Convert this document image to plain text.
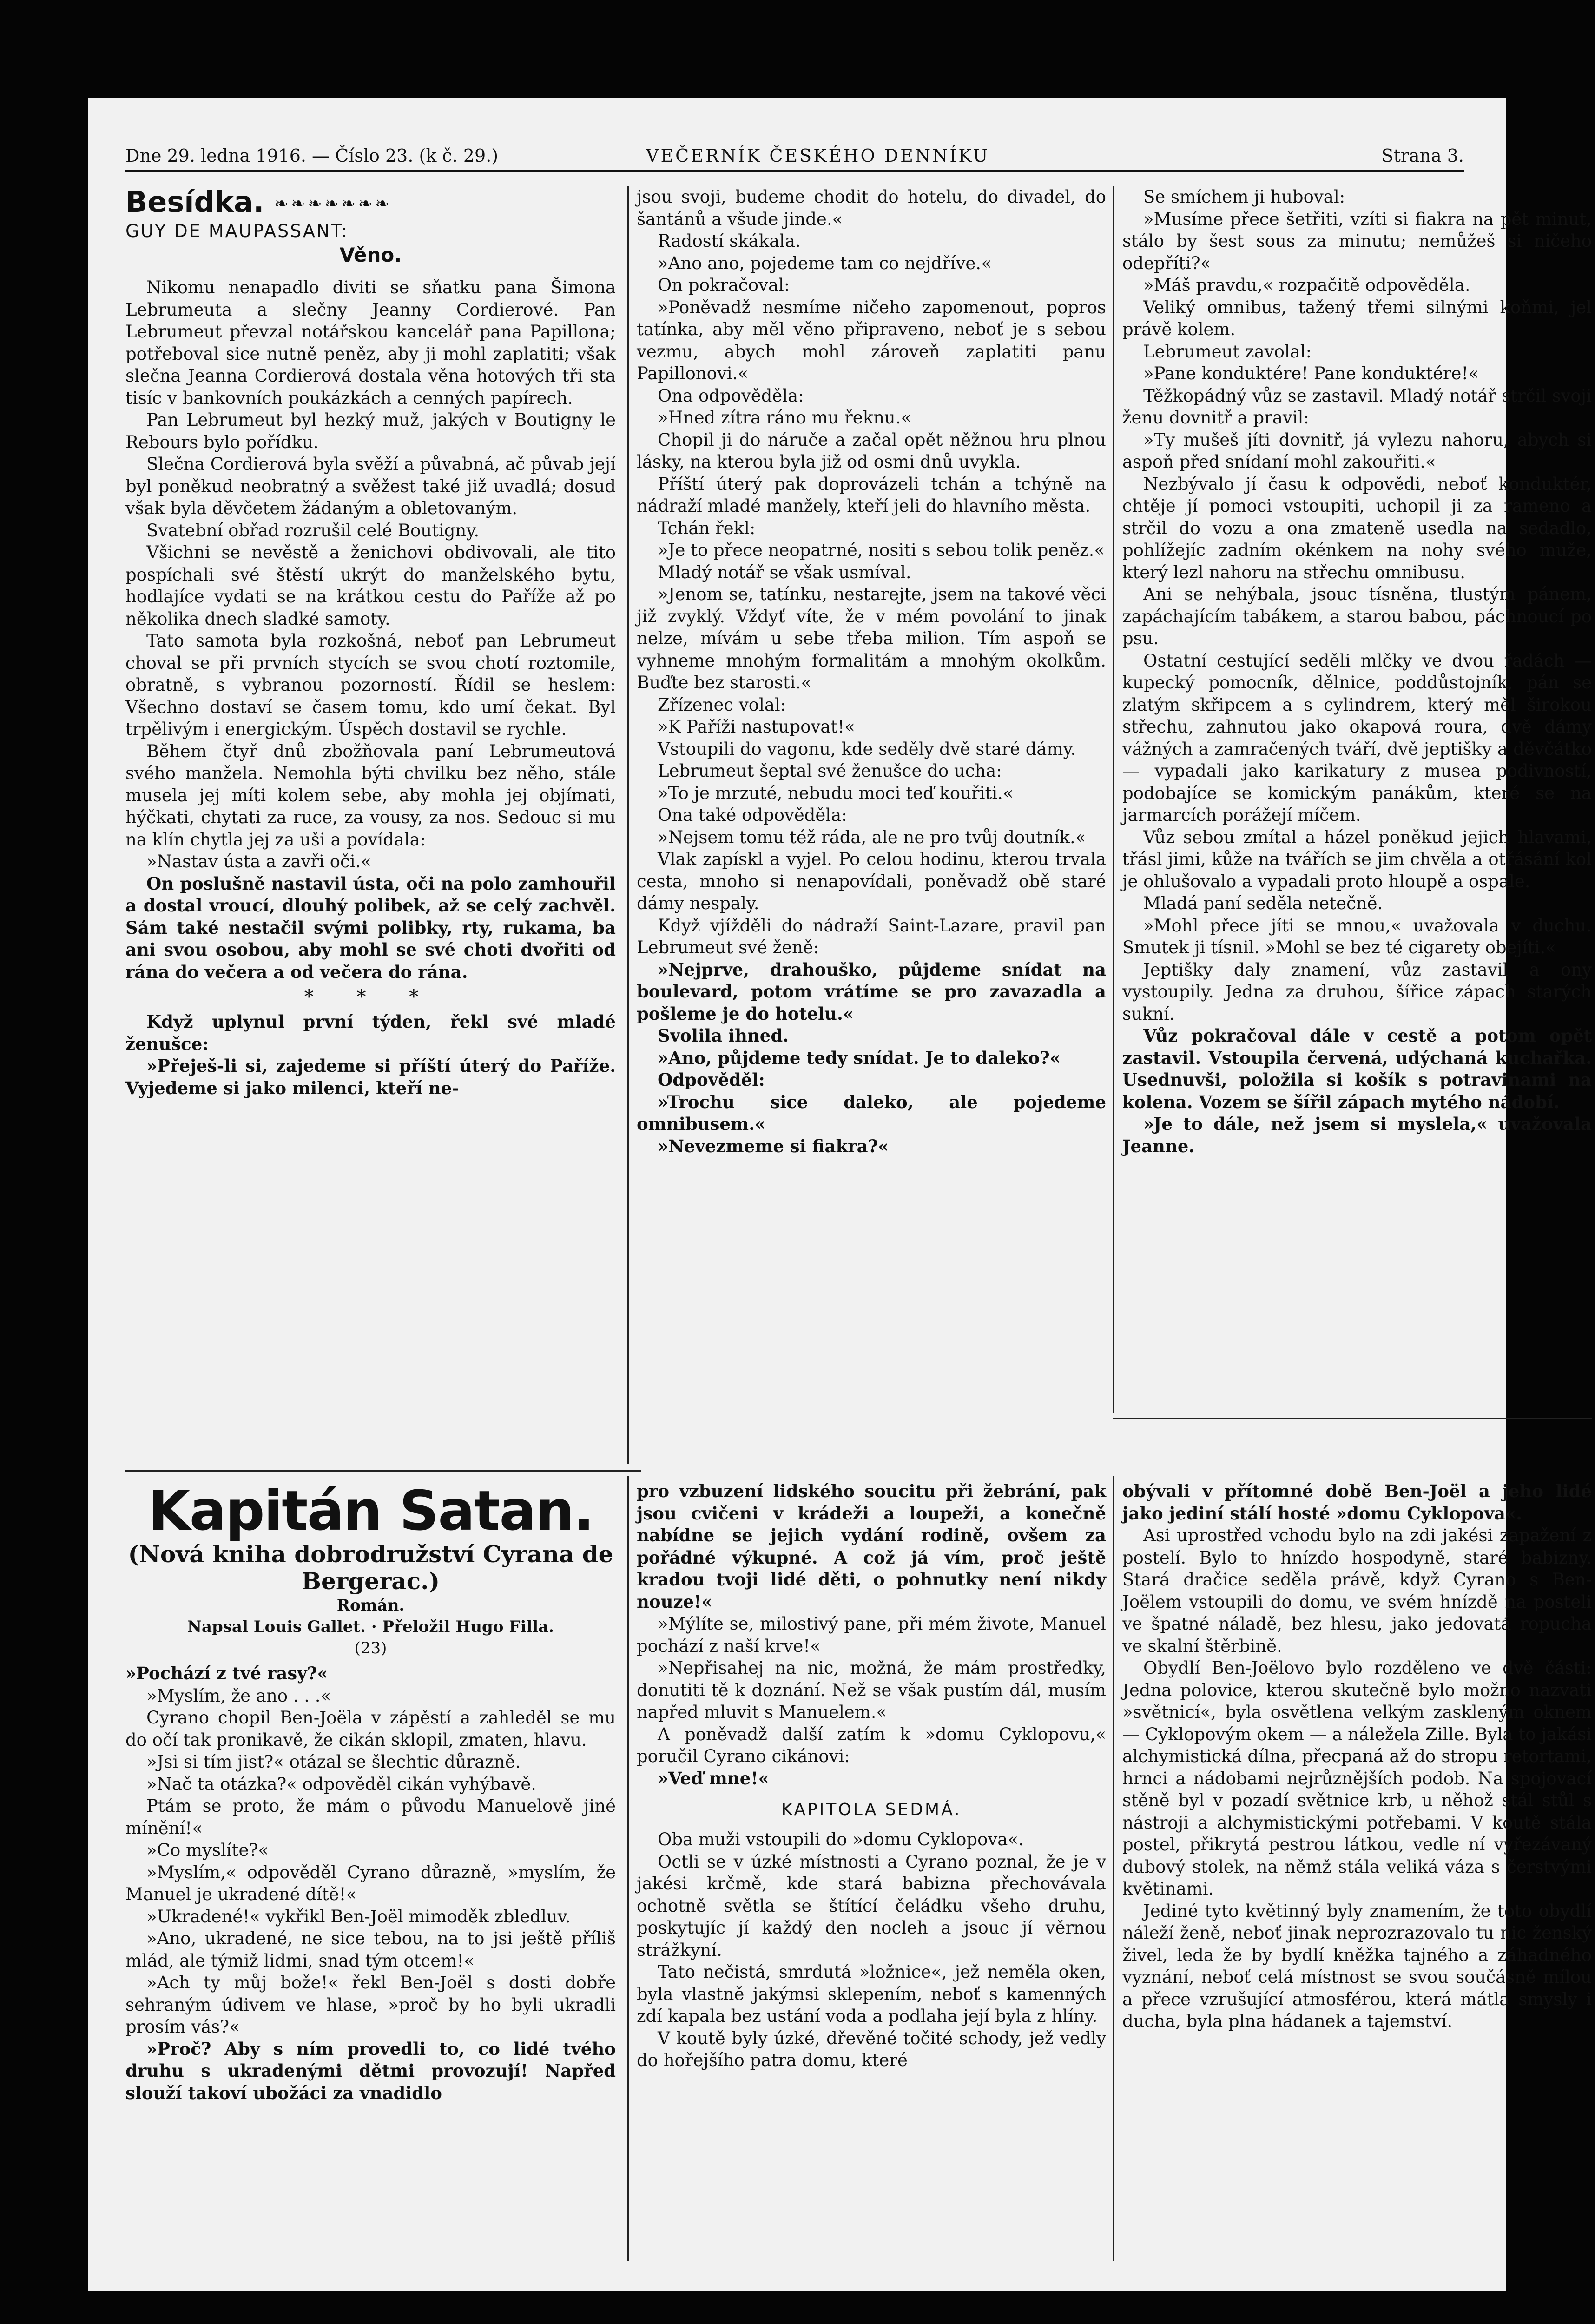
Dne 29. ledna 1916. — Číslo 23. (k č. 29.)	VEČERNÍK ČESKÉHO DENNÍKU	Strana 3.
Besídka. ❧❧❧❧❧❧❧
GUY DE MAUPASSANT:
Věno.

Nikomu nenapadlo diviti se sňatku pana Šimona Lebrumeuta a slečny Jeanny Cordierové. Pan Lebrumeut převzal notářskou kancelář pana Papillona; potřeboval sice nutně peněz, aby ji mohl zaplatiti; však slečna Jeanna Cordierová dostala věna hotových tři sta tisíc v bankovních poukázkách a cenných papírech.

Pan Lebrumeut byl hezký muž, jakých v Boutigny le Rebours bylo pořídku.

Slečna Cordierová byla svěží a půvabná, ač půvab její byl poněkud neobratný a svěžest také již uvadlá; dosud však byla děvčetem žádaným a obletovaným.

Svatební obřad rozrušil celé Boutigny.

Všichni se nevěstě a ženichovi obdivovali, ale tito pospíchali své štěstí ukrýt do manželského bytu, hodlajíce vydati se na krátkou cestu do Paříže až po několika dnech sladké samoty.

Tato samota byla rozkošná, neboť pan Lebrumeut choval se při prvních stycích se svou chotí roztomile, obratně, s vybranou pozorností. Řídil se heslem: Všechno dostaví se časem tomu, kdo umí čekat. Byl trpělivým i energickým. Úspěch dostavil se rychle.

Během čtyř dnů zbožňovala paní Lebrumeutová svého manžela. Nemohla býti chvilku bez něho, stále musela jej míti kolem sebe, aby mohla jej objímati, hýčkati, chytati za ruce, za vousy, za nos. Sedouc si mu na klín chytla jej za uši a povídala:

»Nastav ústa a zavři oči.«

On poslušně nastavil ústa, oči na polo zamhouřil a dostal vroucí, dlouhý polibek, až se celý zachvěl. Sám také nestačil svými polibky, rty, rukama, ba ani svou osobou, aby mohl se své choti dvořiti od rána do večera a od večera do rána.

* * *

Když uplynul první týden, řekl své mladé ženušce:

»Přeješ-li si, zajedeme si příští úterý do Paříže. Vyjedeme si jako milenci, kteří ne-

jsou svoji, budeme chodit do hotelu, do divadel, do šantánů a všude jinde.«

Radostí skákala.

»Ano ano, pojedeme tam co nejdříve.«

On pokračoval:

»Poněvadž nesmíme ničeho zapomenout, popros tatínka, aby měl věno připraveno, neboť je s sebou vezmu, abych mohl zároveň zaplatiti panu Papillonovi.«

Ona odpověděla:

»Hned zítra ráno mu řeknu.«

Chopil ji do náruče a začal opět něžnou hru plnou lásky, na kterou byla již od osmi dnů uvykla.

Příští úterý pak doprovázeli tchán a tchýně na nádraží mladé manžely, kteří jeli do hlavního města.

Tchán řekl:

»Je to přece neopatrné, nositi s sebou tolik peněz.«

Mladý notář se však usmíval.

»Jenom se, tatínku, nestarejte, jsem na takové věci již zvyklý. Vždyť víte, že v mém povolání to jinak nelze, mívám u sebe třeba milion. Tím aspoň se vyhneme mnohým formalitám a mnohým okolkům. Buďte bez starosti.«

Zřízenec volal:

»K Paříži nastupovat!«

Vstoupili do vagonu, kde seděly dvě staré dámy.

Lebrumeut šeptal své ženušce do ucha:

»To je mrzuté, nebudu moci teď kouřiti.«

Ona také odpověděla:

»Nejsem tomu též ráda, ale ne pro tvůj doutník.«

Vlak zapískl a vyjel. Po celou hodinu, kterou trvala cesta, mnoho si nenapovídali, poněvadž obě staré dámy nespaly.

Když vjížděli do nádraží Saint-Lazare, pravil pan Lebrumeut své ženě:

»Nejprve, drahouško, půjdeme snídat na boulevard, potom vrátíme se pro zavazadla a pošleme je do hotelu.«

Svolila ihned.

»Ano, půjdeme tedy snídat. Je to daleko?«

Odpověděl:

»Trochu sice daleko, ale pojedeme omnibusem.«

»Nevezmeme si fiakra?«

Se smíchem ji huboval:

»Musíme přece šetřiti, vzíti si fiakra na pět minut, stálo by šest sous za minutu; nemůžeš si ničeho odepříti?«

»Máš pravdu,« rozpačitě odpověděla.

Veliký omnibus, tažený třemi silnými koňmi, jel právě kolem.

Lebrumeut zavolal:

»Pane konduktére! Pane konduktére!«

Těžkopádný vůz se zastavil. Mladý notář strčil svoji ženu dovnitř a pravil:

»Ty mušeš jíti dovnitř, já vylezu nahoru, abych si aspoň před snídaní mohl zakouřiti.«

Nezbývalo jí času k odpovědi, neboť konduktér, chtěje jí pomoci vstoupiti, uchopil ji za rameno a strčil do vozu a ona zmateně usedla na sedadlo, pohlížejíc zadním okénkem na nohy svého muže, který lezl nahoru na střechu omnibusu.

Ani se nehýbala, jsouc tísněna, tlustým pánem, zapáchajícím tabákem, a starou babou, páchnoucí po psu.

Ostatní cestující seděli mlčky ve dvou řadách — kupecký pomocník, dělnice, poddůstojník, pán se zlatým skřipcem a s cylindrem, který měl širokou střechu, zahnutou jako okapová roura, dvě dámy vážných a zamračených tváří, dvě jeptišky a děvčátko — vypadali jako karikatury z musea podivností, podobajíce se komickým panákům, které se na jarmarcích porážejí míčem.

Vůz sebou zmítal a házel poněkud jejich hlavami, třásl jimi, kůže na tvářích se jim chvěla a otřásání kol je ohlušovalo a vypadali proto hloupě a ospale.

Mladá paní seděla netečně.

»Mohl přece jíti se mnou,« uvažovala v duchu. Smutek ji tísnil. »Mohl se bez té cigarety obejíti.«

Jeptišky daly znamení, vůz zastavil a ony vystoupily. Jedna za druhou, šířice zápach starých sukní.

Vůz pokračoval dále v cestě a potom opět zastavil. Vstoupila červená, udýchaná kuchařka. Usednuvši, položila si košík s potravinami na kolena. Vozem se šířil zápach mytého nádobí.

»Je to dále, než jsem si myslela,« uvažovala Jeanne.

Kapitán Satan.
(Nová kniha dobrodružství Cyrana de Bergerac.)
Román.
Napsal Louis Gallet. · Přeložil Hugo Filla.
(23)

»Pochází z tvé rasy?«

»Myslím, že ano . . .«

Cyrano chopil Ben-Joëla v zápěstí a zahleděl se mu do očí tak pronikavě, že cikán sklopil, zmaten, hlavu.

»Jsi si tím jist?« otázal se šlechtic důrazně.

»Nač ta otázka?« odpověděl cikán vyhýbavě.

Ptám se proto, že mám o původu Manuelově jiné mínění!«

»Co myslíte?«

»Myslím,« odpověděl Cyrano důrazně, »myslím, že Manuel je ukradené dítě!«

»Ukradené!« vykřikl Ben-Joël mimoděk zbledluv.

»Ano, ukradené, ne sice tebou, na to jsi ještě příliš mlád, ale týmiž lidmi, snad tým otcem!«

»Ach ty můj bože!« řekl Ben-Joël s dosti dobře sehraným údivem ve hlase, »proč by ho byli ukradli prosím vás?«

»Proč? Aby s ním provedli to, co lidé tvého druhu s ukradenými dětmi provozují! Napřed slouží takoví ubožáci za vnadidlo

pro vzbuzení lidského soucitu při žebrání, pak jsou cvičeni v krádeži a loupeži, a konečně nabídne se jejich vydání rodině, ovšem za pořádné výkupné. A což já vím, proč ještě kradou tvoji lidé děti, o pohnutky není nikdy nouze!«

»Mýlíte se, milostivý pane, při mém živote, Manuel pochází z naší krve!«

»Nepřisahej na nic, možná, že mám prostředky, donutiti tě k doznání. Než se však pustím dál, musím napřed mluvit s Manuelem.«

A poněvadž další zatím k »domu Cyklopovu,« poručil Cyrano cikánovi:

»Veď mne!«

KAPITOLA SEDMÁ.

Oba muži vstoupili do »domu Cyklopova«.

Octli se v úzké místnosti a Cyrano poznal, že je v jakési krčmě, kde stará babizna přechovávala ochotně světla se štítící čeládku všeho druhu, poskytujíc jí každý den nocleh a jsouc jí věrnou strážkyní.

Tato nečistá, smrdutá »ložnice«, jež neměla oken, byla vlastně jakýmsi sklepením, neboť s kamenných zdí kapala bez ustání voda a podlaha její byla z hlíny.

V koutě byly úzké, dřevěné točité schody, jež vedly do hořejšího patra domu, které

obývali v přítomné době Ben-Joël a jeho lidé jako jediní stálí hosté »domu Cyklopova«.

Asi uprostřed vchodu bylo na zdi jakési zapažení z postelí. Bylo to hnízdo hospodyně, staré babizny. Stará dračice seděla právě, když Cyrano s Ben-Joëlem vstoupili do domu, ve svém hnízdě na posteli ve špatné náladě, bez hlesu, jako jedovatá ropucha ve skalní štěrbině.

Obydlí Ben-Joëlovo bylo rozděleno ve dvě části: Jedna polovice, kterou skutečně bylo možno nazvati »světnicí«, byla osvětlena velkým zaskleným oknem — Cyklopovým okem — a náležela Zille. Byla to jakási alchymistická dílna, přecpaná až do stropu retortami, hrnci a nádobami nejrůznějších podob. Na spojovací stěně byl v pozadí světnice krb, u něhož stál stůl s nástroji a alchymistickými potřebami. V koutě stála postel, přikrytá pestrou látkou, vedle ní vyřezávaný dubový stolek, na němž stála veliká váza s čerstvými květinami.

Jediné tyto květinný byly znamením, že toto obydlí náleží ženě, neboť jinak neprozrazovalo tu nic ženský živel, leda že by bydlí kněžka tajného a záhadného vyznání, neboť celá místnost se svou součásně mílou a přece vzrušující atmosférou, která mátla smysly i ducha, byla plna hádanek a tajemství.
